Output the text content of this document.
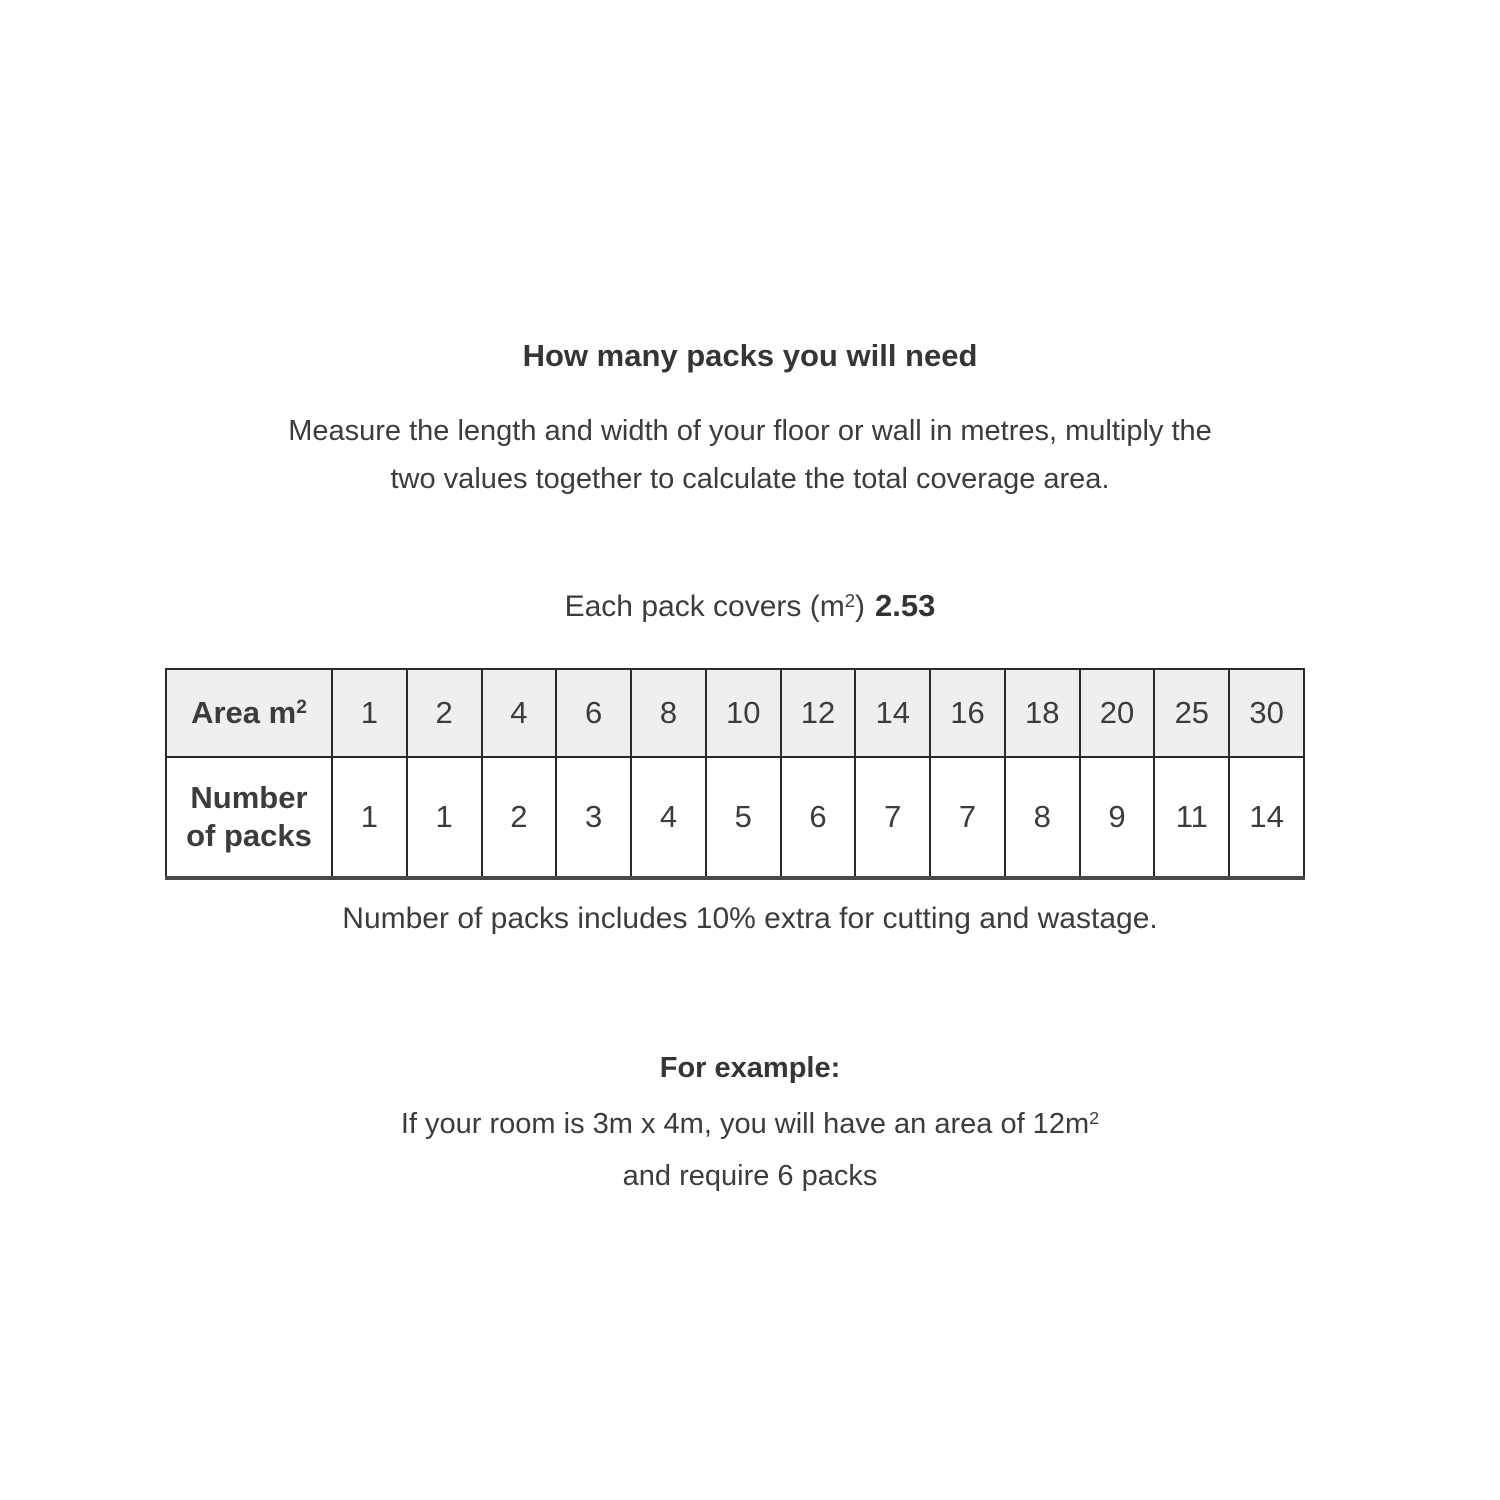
How many packs you will need
Measure the length and width of your floor or wall in metres, multiply the
two values together to calculate the total coverage area.
Each pack covers $(m^2)$ 2.53
Area $m^2$	1	2	4	6	8	10	12	14	16	18	20	25	30

Number
of packs	1	1	2	3	4	5	6	7	7	8	9	11	14
Number of packs includes 10% extra for cutting and wastage.
For example:
If your room is 3m x 4m, you will have an area of $12m^2$
and require 6 packs
